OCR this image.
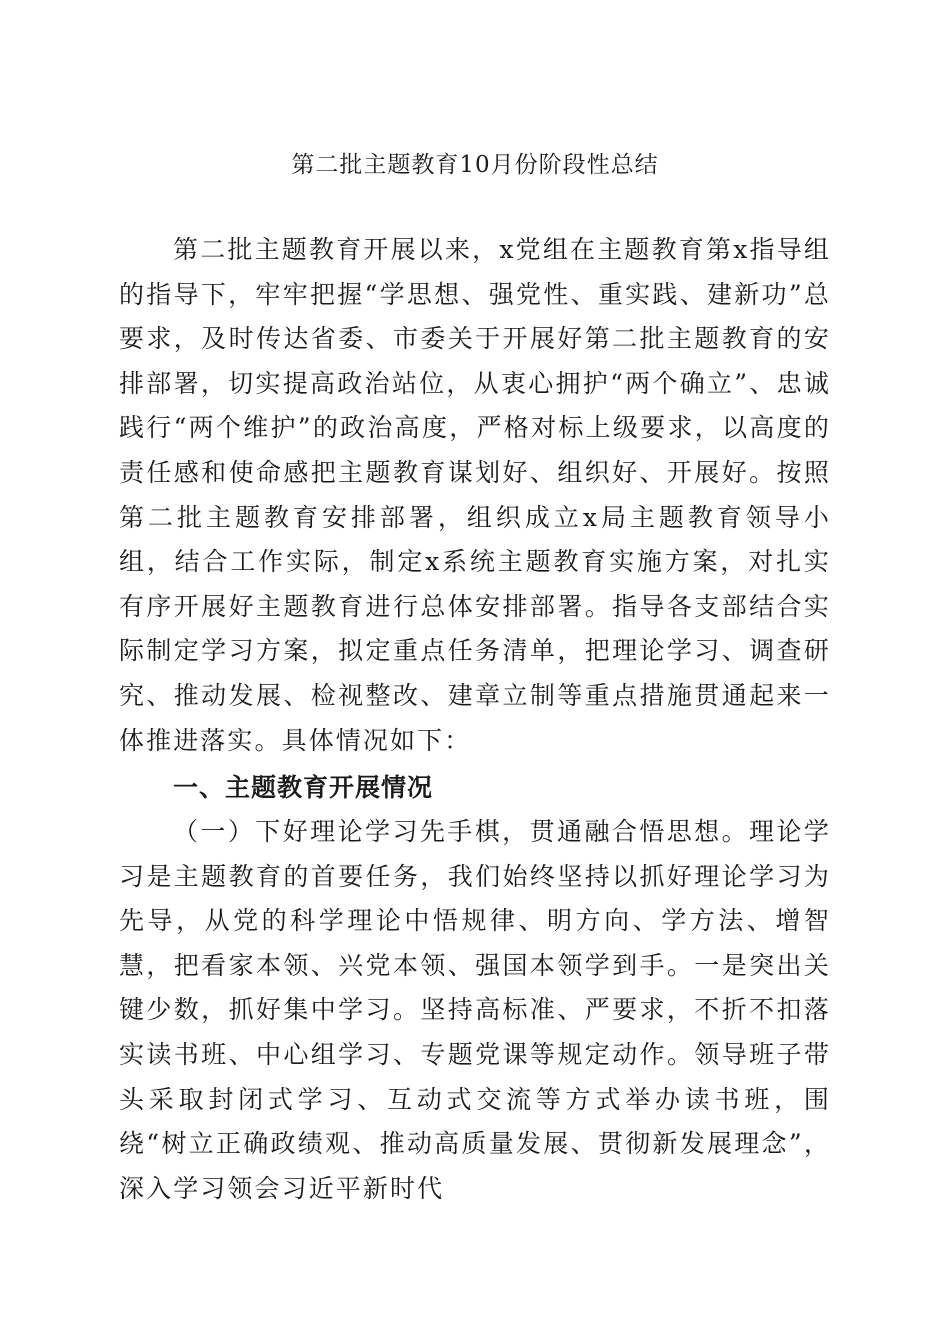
第二批主题教育10月份阶段性总结

第二批主题教育开展以来，x党组在主题教育第x指导组的指导下，牢牢把握“学思想、强党性、重实践、建新功”总要求，及时传达省委、市委关于开展好第二批主题教育的安排部署，切实提高政治站位，从衷心拥护“两个确立”、忠诚践行“两个维护”的政治高度，严格对标上级要求，以高度的责任感和使命感把主题教育谋划好、组织好、开展好。按照第二批主题教育安排部署，组织成立x局主题教育领导小组，结合工作实际，制定x系统主题教育实施方案，对扎实有序开展好主题教育进行总体安排部署。指导各支部结合实际制定学习方案，拟定重点任务清单，把理论学习、调查研究、推动发展、检视整改、建章立制等重点措施贯通起来一体推进落实。具体情况如下：

一、主题教育开展情况

（一）下好理论学习先手棋，贯通融合悟思想。理论学习是主题教育的首要任务，我们始终坚持以抓好理论学习为先导，从党的科学理论中悟规律、明方向、学方法、增智慧，把看家本领、兴党本领、强国本领学到手。一是突出关键少数，抓好集中学习。坚持高标准、严要求，不折不扣落实读书班、中心组学习、专题党课等规定动作。领导班子带头采取封闭式学习、互动式交流等方式举办读书班，围绕“树立正确政绩观、推动高质量发展、贯彻新发展理念”，深入学习领会习近平新时代
